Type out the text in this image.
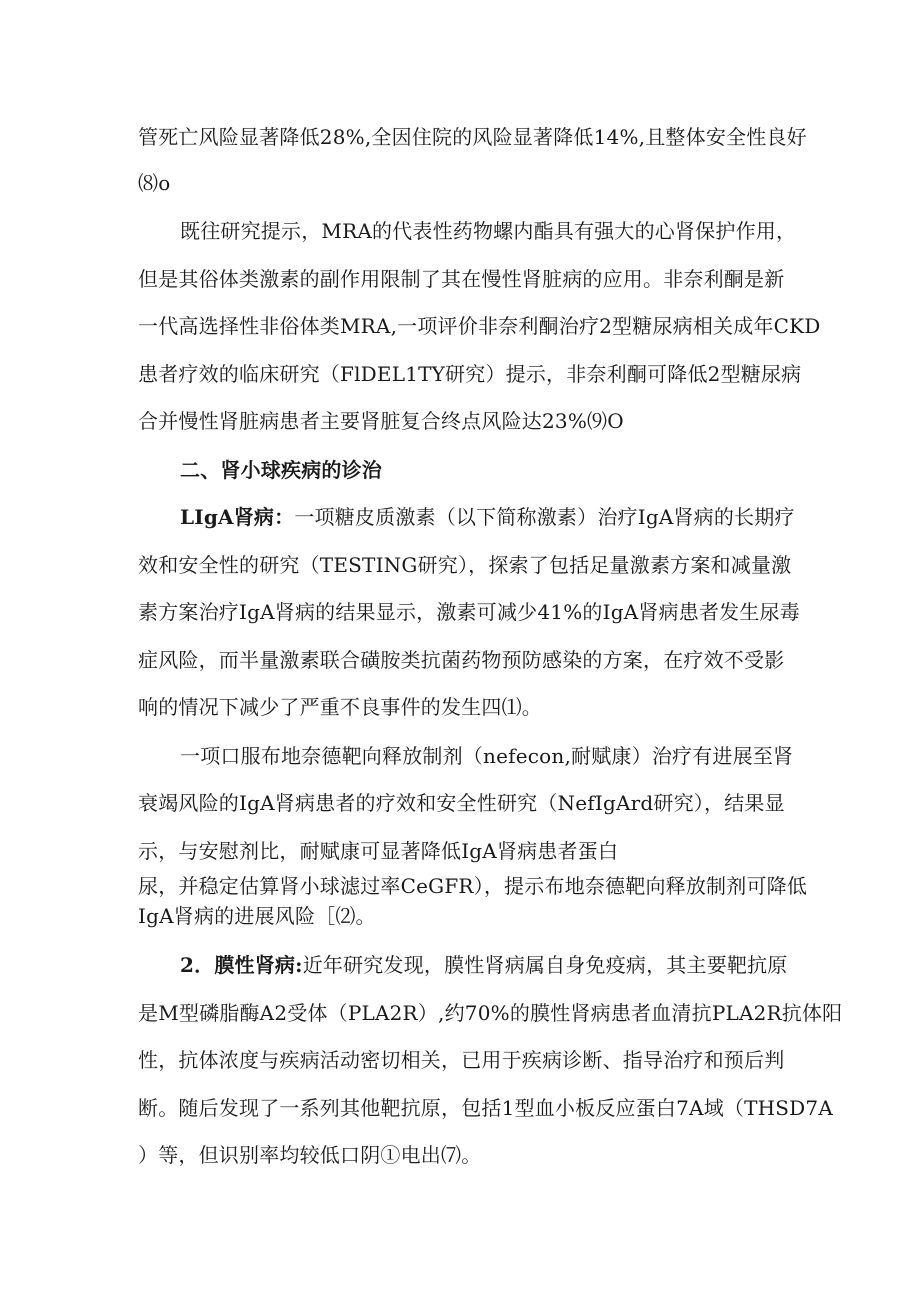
管死亡风险显著降低28%,全因住院的风险显著降低14%,且整体安全性良好
⑻o
既往研究提示，MRA的代表性药物螺内酯具有强大的心肾保护作用，
但是其俗体类激素的副作用限制了其在慢性肾脏病的应用。非奈利酮是新
一代高选择性非俗体类MRA,一项评价非奈利酮治疗2型糖尿病相关成年CKD
患者疗效的临床研究（FlDEL1TY研究）提示，非奈利酮可降低2型糖尿病
合并慢性肾脏病患者主要肾脏复合终点风险达23%⑼O
二、肾小球疾病的诊治
LIgA肾病：一项糖皮质激素（以下简称激素）治疗IgA肾病的长期疗
效和安全性的研究（TESTING研究），探索了包括足量激素方案和减量激
素方案治疗IgA肾病的结果显示，激素可减少41%的IgA肾病患者发生尿毒
症风险，而半量激素联合磺胺类抗菌药物预防感染的方案，在疗效不受影
响的情况下减少了严重不良事件的发生四⑴。
一项口服布地奈德靶向释放制剂（nefecon,耐赋康）治疗有进展至肾
衰竭风险的IgA肾病患者的疗效和安全性研究（NefIgArd研究），结果显
示，与安慰剂比，耐赋康可显著降低IgA肾病患者蛋白
尿，并稳定估算肾小球滤过率CeGFR），提示布地奈德靶向释放制剂可降低
IgA肾病的进展风险［⑵。
2．膜性肾病:近年研究发现，膜性肾病属自身免疫病，其主要靶抗原
是M型磷脂酶A2受体（PLA2R）,约70%的膜性肾病患者血清抗PLA2R抗体阳
性，抗体浓度与疾病活动密切相关，已用于疾病诊断、指导治疗和预后判
断。随后发现了一系列其他靶抗原，包括1型血小板反应蛋白7A域（THSD7A
）等，但识别率均较低口阴①电出⑺。
